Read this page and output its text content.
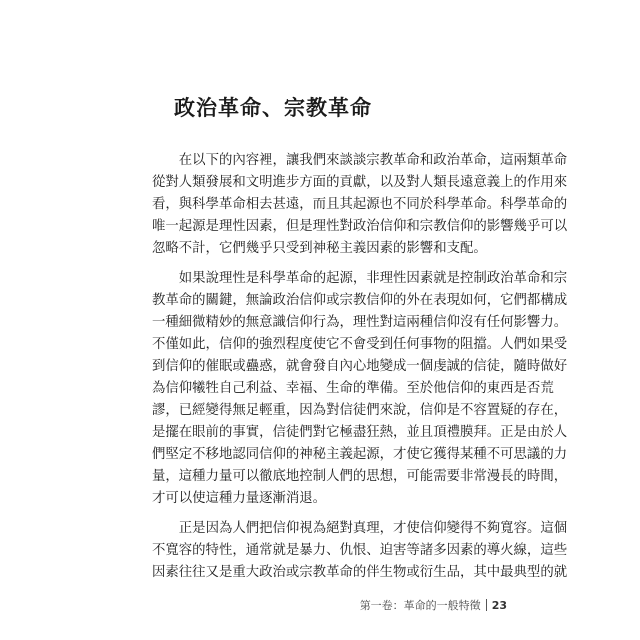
政治革命、宗教革命
在以下的內容裡，讓我們來談談宗教革命和政治革命，這兩類革命
從對人類發展和文明進步方面的貢獻，以及對人類長遠意義上的作用來
看，與科學革命相去甚遠，而且其起源也不同於科學革命。科學革命的
唯一起源是理性因素，但是理性對政治信仰和宗教信仰的影響幾乎可以
忽略不計，它們幾乎只受到神秘主義因素的影響和支配。
如果說理性是科學革命的起源，非理性因素就是控制政治革命和宗
教革命的關鍵，無論政治信仰或宗教信仰的外在表現如何，它們都構成
一種細微精妙的無意識信仰行為，理性對這兩種信仰沒有任何影響力。
不僅如此，信仰的強烈程度使它不會受到任何事物的阻擋。人們如果受
到信仰的催眠或蠱惑，就會發自內心地變成一個虔誠的信徒，隨時做好
為信仰犧牲自己利益、幸福、生命的準備。至於他信仰的東西是否荒
謬，已經變得無足輕重，因為對信徒們來說，信仰是不容置疑的存在，
是擺在眼前的事實，信徒們對它極盡狂熱，並且頂禮膜拜。正是由於人
們堅定不移地認同信仰的神秘主義起源，才使它獲得某種不可思議的力
量，這種力量可以徹底地控制人們的思想，可能需要非常漫長的時間，
才可以使這種力量逐漸消退。
正是因為人們把信仰視為絕對真理，才使信仰變得不夠寬容。這個
不寬容的特性，通常就是暴力、仇恨、迫害等諸多因素的導火線，這些
因素往往又是重大政治或宗教革命的伴生物或衍生品，其中最典型的就
第一卷：革命的一般特徵 23
